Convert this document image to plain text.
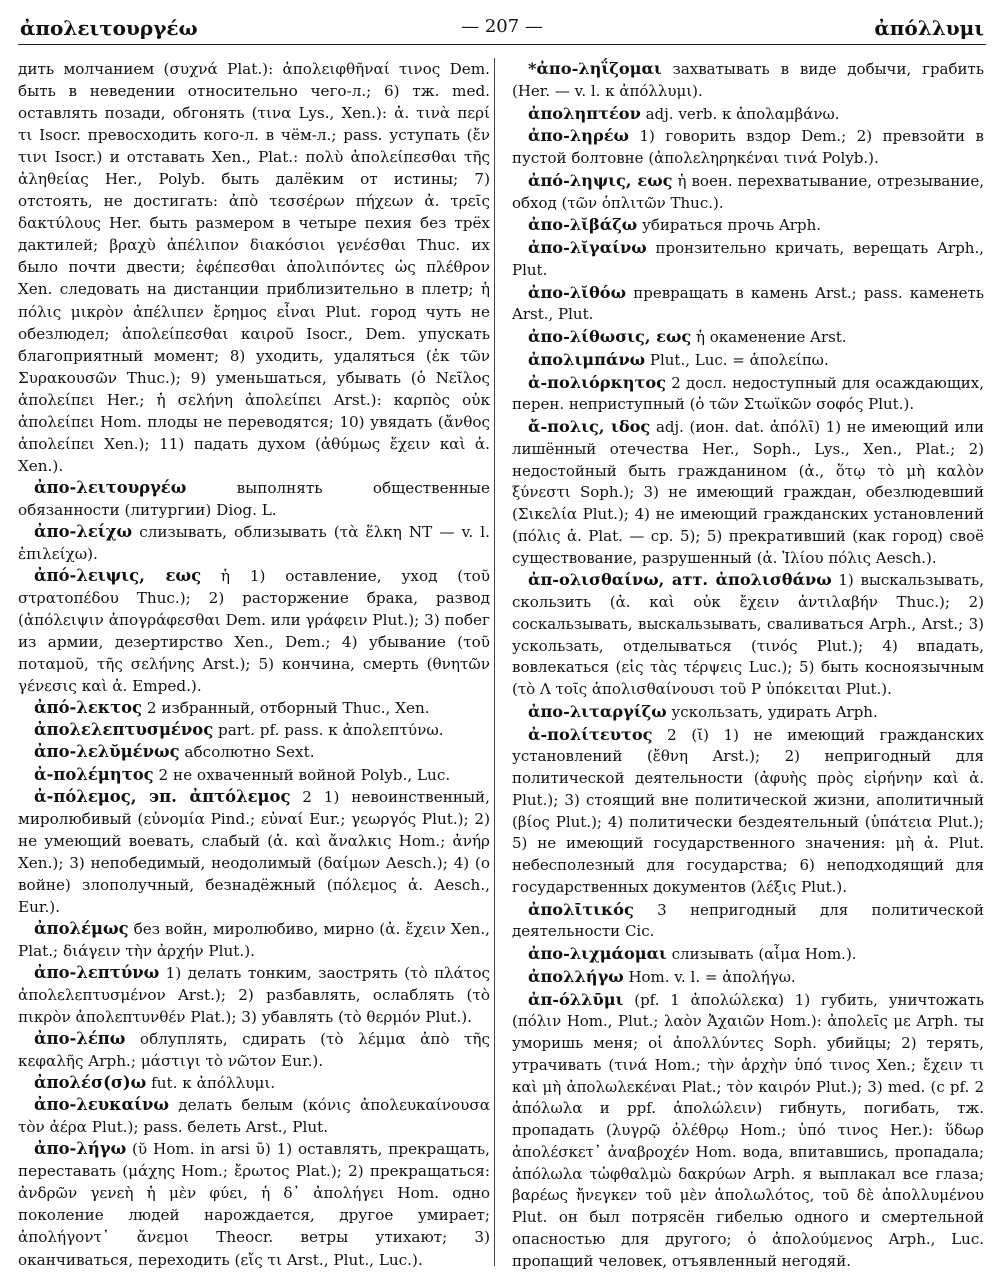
ἀπολειτουργέω	— 207 —	ἀπόλλυμι

дить молчанием (συχνά Plat.): ἀπολειφθῆναί τινος Dem. быть в неведении относительно чего-л.; 6) тж. med. оставлять позади, обгонять (τινα Lys., Xen.): ἀ. τινὰ περί τι Isocr. превосходить кого-л. в чём-л.; pass. уступать (ἔν τινι Isocr.) и отставать Xen., Plat.: πολὺ ἀπολείπεσθαι τῆς ἀληθείας Her., Polyb. быть далёким от истины; 7) отстоять, не достигать: ἀπὸ τεσσέρων πήχεων ἀ. τρεῖς δακτύλους Her. быть размером в четыре пехия без трёх дактилей; βραχὺ ἀπέλιπον διακόσιοι γενέσθαι Thuc. их было почти двести; ἐφέπεσθαι ἀπολιπόντες ὡς πλέθρον Xen. следовать на дистанции приблизительно в плетр; ἡ πόλις μικρὸν ἀπέλιπεν ἔρημος εἶναι Plut. город чуть не обезлюдел; ἀπολείπεσθαι καιροῦ Isocr., Dem. упускать благоприятный момент; 8) уходить, удаляться (ἐκ τῶν Συρακουσῶν Thuc.); 9) уменьшаться, убывать (ὁ Νεῖλος ἀπολείπει Her.; ἡ σελήνη ἀπολείπει Arst.): καρπὸς οὐκ ἀπολείπει Hom. плоды не переводятся; 10) увядать (ἄνθος ἀπολείπει Xen.); 11) падать духом (ἀθύμως ἔχειν καὶ ἀ. Xen.).

ἀπο-λειτουργέω выполнять общественные обязанности (литургии) Diog. L.

ἀπο-λείχω слизывать, облизывать (τὰ ἕλκη NT — v. l. ἐπιλείχω).

ἀπό-λειψις, εως ἡ 1) оставление, уход (τοῦ στρατοπέδου Thuc.); 2) расторжение брака, развод (ἀπόλειψιν ἀπογράφεσθαι Dem. или γράφειν Plut.); 3) побег из армии, дезертирство Xen., Dem.; 4) убывание (τοῦ ποταμοῦ, τῆς σελήνης Arst.); 5) кончина, смерть (θνητῶν γένεσις καὶ ἀ. Emped.).

ἀπό-λεκτος 2 избранный, отборный Thuc., Xen.

ἀπολελεπτυσμένος part. pf. pass. к ἀπολεπτύνω.

ἀπο-λελῠμένως абсолютно Sext.

ἀ-πολέμητος 2 не охваченный войной Polyb., Luc.

ἀ-πόλεμος, эп. ἀπτόλεμος 2 1) невоинственный, миролюбивый (εὐνομία Pind.; εὐναί Eur.; γεωργός Plut.); 2) не умеющий воевать, слабый (ἀ. καὶ ἄναλκις Hom.; ἀνήρ Xen.); 3) непобедимый, неодолимый (δαίμων Aesch.); 4) (о войне) злополучный, безнадёжный (πόλεμος ἀ. Aesch., Eur.).

ἀπολέμως без войн, миролюбиво, мирно (ἀ. ἔχειν Xen., Plat.; διάγειν τὴν ἀρχήν Plut.).

ἀπο-λεπτύνω 1) делать тонким, заострять (τὸ πλάτος ἀπολελεπτυσμένον Arst.); 2) разбавлять, ослаблять (τὸ πικρὸν ἀπολεπτυνθέν Plat.); 3) убавлять (τὸ θερμόν Plut.).

ἀπο-λέπω облуплять, сдирать (τὸ λέμμα ἀπὸ τῆς κεφαλῆς Arph.; μάστιγι τὸ νῶτον Eur.).

ἀπολέσ(σ)ω fut. к ἀπόλλυμι.

ἀπο-λευκαίνω делать белым (κόνις ἀπολευκαίνουσα τὸν ἀέρα Plut.); pass. белеть Arst., Plut.

ἀπο-λήγω (ῠ Hom. in arsi ῡ) 1) оставлять, прекращать, переставать (μάχης Hom.; ἔρωτος Plat.); 2) прекращаться: ἀνδρῶν γενεὴ ἡ μὲν φύει, ἡ δ᾽ ἀπολήγει Hom. одно поколение людей нарождается, другое умирает; ἀπολήγοντ᾽ ἄνεμοι Theocr. ветры утихают; 3) оканчиваться, переходить (εἴς τι Arst., Plut., Luc.).

*ἀπο-ληΐζομαι захватывать в виде добычи, грабить (Her. — v. l. к ἀπόλλυμι).

ἀποληπτέον adj. verb. к ἀπολαμβάνω.

ἀπο-ληρέω 1) говорить вздор Dem.; 2) превзойти в пустой болтовне (ἀπολεληρηκέναι τινά Polyb.).

ἀπό-ληψις, εως ἡ воен. перехватывание, отрезывание, обход (τῶν ὁπλιτῶν Thuc.).

ἀπο-λῐβάζω убираться прочь Arph.

ἀπο-λῐγαίνω пронзительно кричать, верещать Arph., Plut.

ἀπο-λῐθόω превращать в камень Arst.; pass. каменеть Arst., Plut.

ἀπο-λίθωσις, εως ἡ окаменение Arst.

ἀπολιμπάνω Plut., Luc. = ἀπολείπω.

ἀ-πολιόρκητος 2 досл. недоступный для осаждающих, перен. неприступный (ὁ τῶν Στωϊκῶν σοφός Plut.).

ἄ-πολις, ιδος adj. (ион. dat. ἀπόλῑ) 1) не имеющий или лишённый отечества Her., Soph., Lys., Xen., Plat.; 2) недостойный быть гражданином (ἀ., ὅτῳ τὸ μὴ καλὸν ξύνεστι Soph.); 3) не имеющий граждан, обезлюдевший (Σικελία Plut.); 4) не имеющий гражданских установлений (πόλις ἀ. Plat. — ср. 5); 5) прекративший (как город) своё существование, разрушенный (ἀ. Ἰλίου πόλις Aesch.).

ἀπ-ολισθαίνω, атт. ἀπολισθάνω 1) выскальзывать, скользить (ἀ. καὶ οὐκ ἔχειν ἀντιλαβήν Thuc.); 2) соскальзывать, выскальзывать, сваливаться Arph., Arst.; 3) ускользать, отделываться (τινός Plut.); 4) впадать, вовлекаться (εἰς τὰς τέρψεις Luc.); 5) быть косноязычным (τὸ Λ τοῖς ἀπολισθαίνουσι τοῦ Ρ ὑπόκειται Plut.).

ἀπο-λιταργίζω ускользать, удирать Arph.

ἀ-πολίτευτος 2 (ῐ) 1) не имеющий гражданских установлений (ἔθνη Arst.); 2) непригодный для политической деятельности (ἀφυὴς πρὸς εἰρήνην καὶ ἀ. Plut.); 3) стоящий вне политической жизни, аполитичный (βίος Plut.); 4) политически бездеятельный (ὑπάτεια Plut.); 5) не имеющий государственного значения: μὴ ἀ. Plut. небесполезный для государства; 6) неподходящий для государственных документов (λέξις Plut.).

ἀπολῑτικός 3 непригодный для политической деятельности Cic.

ἀπο-λιχμάομαι слизывать (αἷμα Hom.).

ἀπολλήγω Hom. v. l. = ἀπολήγω.

ἀπ-όλλῡμι (pf. 1 ἀπολώλεκα) 1) губить, уничтожать (πόλιν Hom., Plut.; λαὸν Ἀχαιῶν Hom.): ἀπολεῖς με Arph. ты уморишь меня; οἱ ἀπολλύντες Soph. убийцы; 2) терять, утрачивать (τινά Hom.; τὴν ἀρχὴν ὑπό τινος Xen.; ἔχειν τι καὶ μὴ ἀπολωλεκέναι Plat.; τὸν καιρόν Plut.); 3) med. (с pf. 2 ἀπόλωλα и ppf. ἀπολώλειν) гибнуть, погибать, тж. пропадать (λυγρῷ ὀλέθρῳ Hom.; ὑπό τινος Her.): ὕδωρ ἀπολέσκετ᾽ ἀναβροχέν Hom. вода, впитавшись, пропадала; ἀπόλωλα τὠφθαλμὼ δακρύων Arph. я выплакал все глаза; βαρέως ἤνεγκεν τοῦ μὲν ἀπολωλότος, τοῦ δὲ ἀπολλυμένου Plut. он был потрясён гибелью одного и смертельной опасностью для другого; ὁ ἀπολούμενος Arph., Luc. пропащий человек, отъявленный негодяй.
